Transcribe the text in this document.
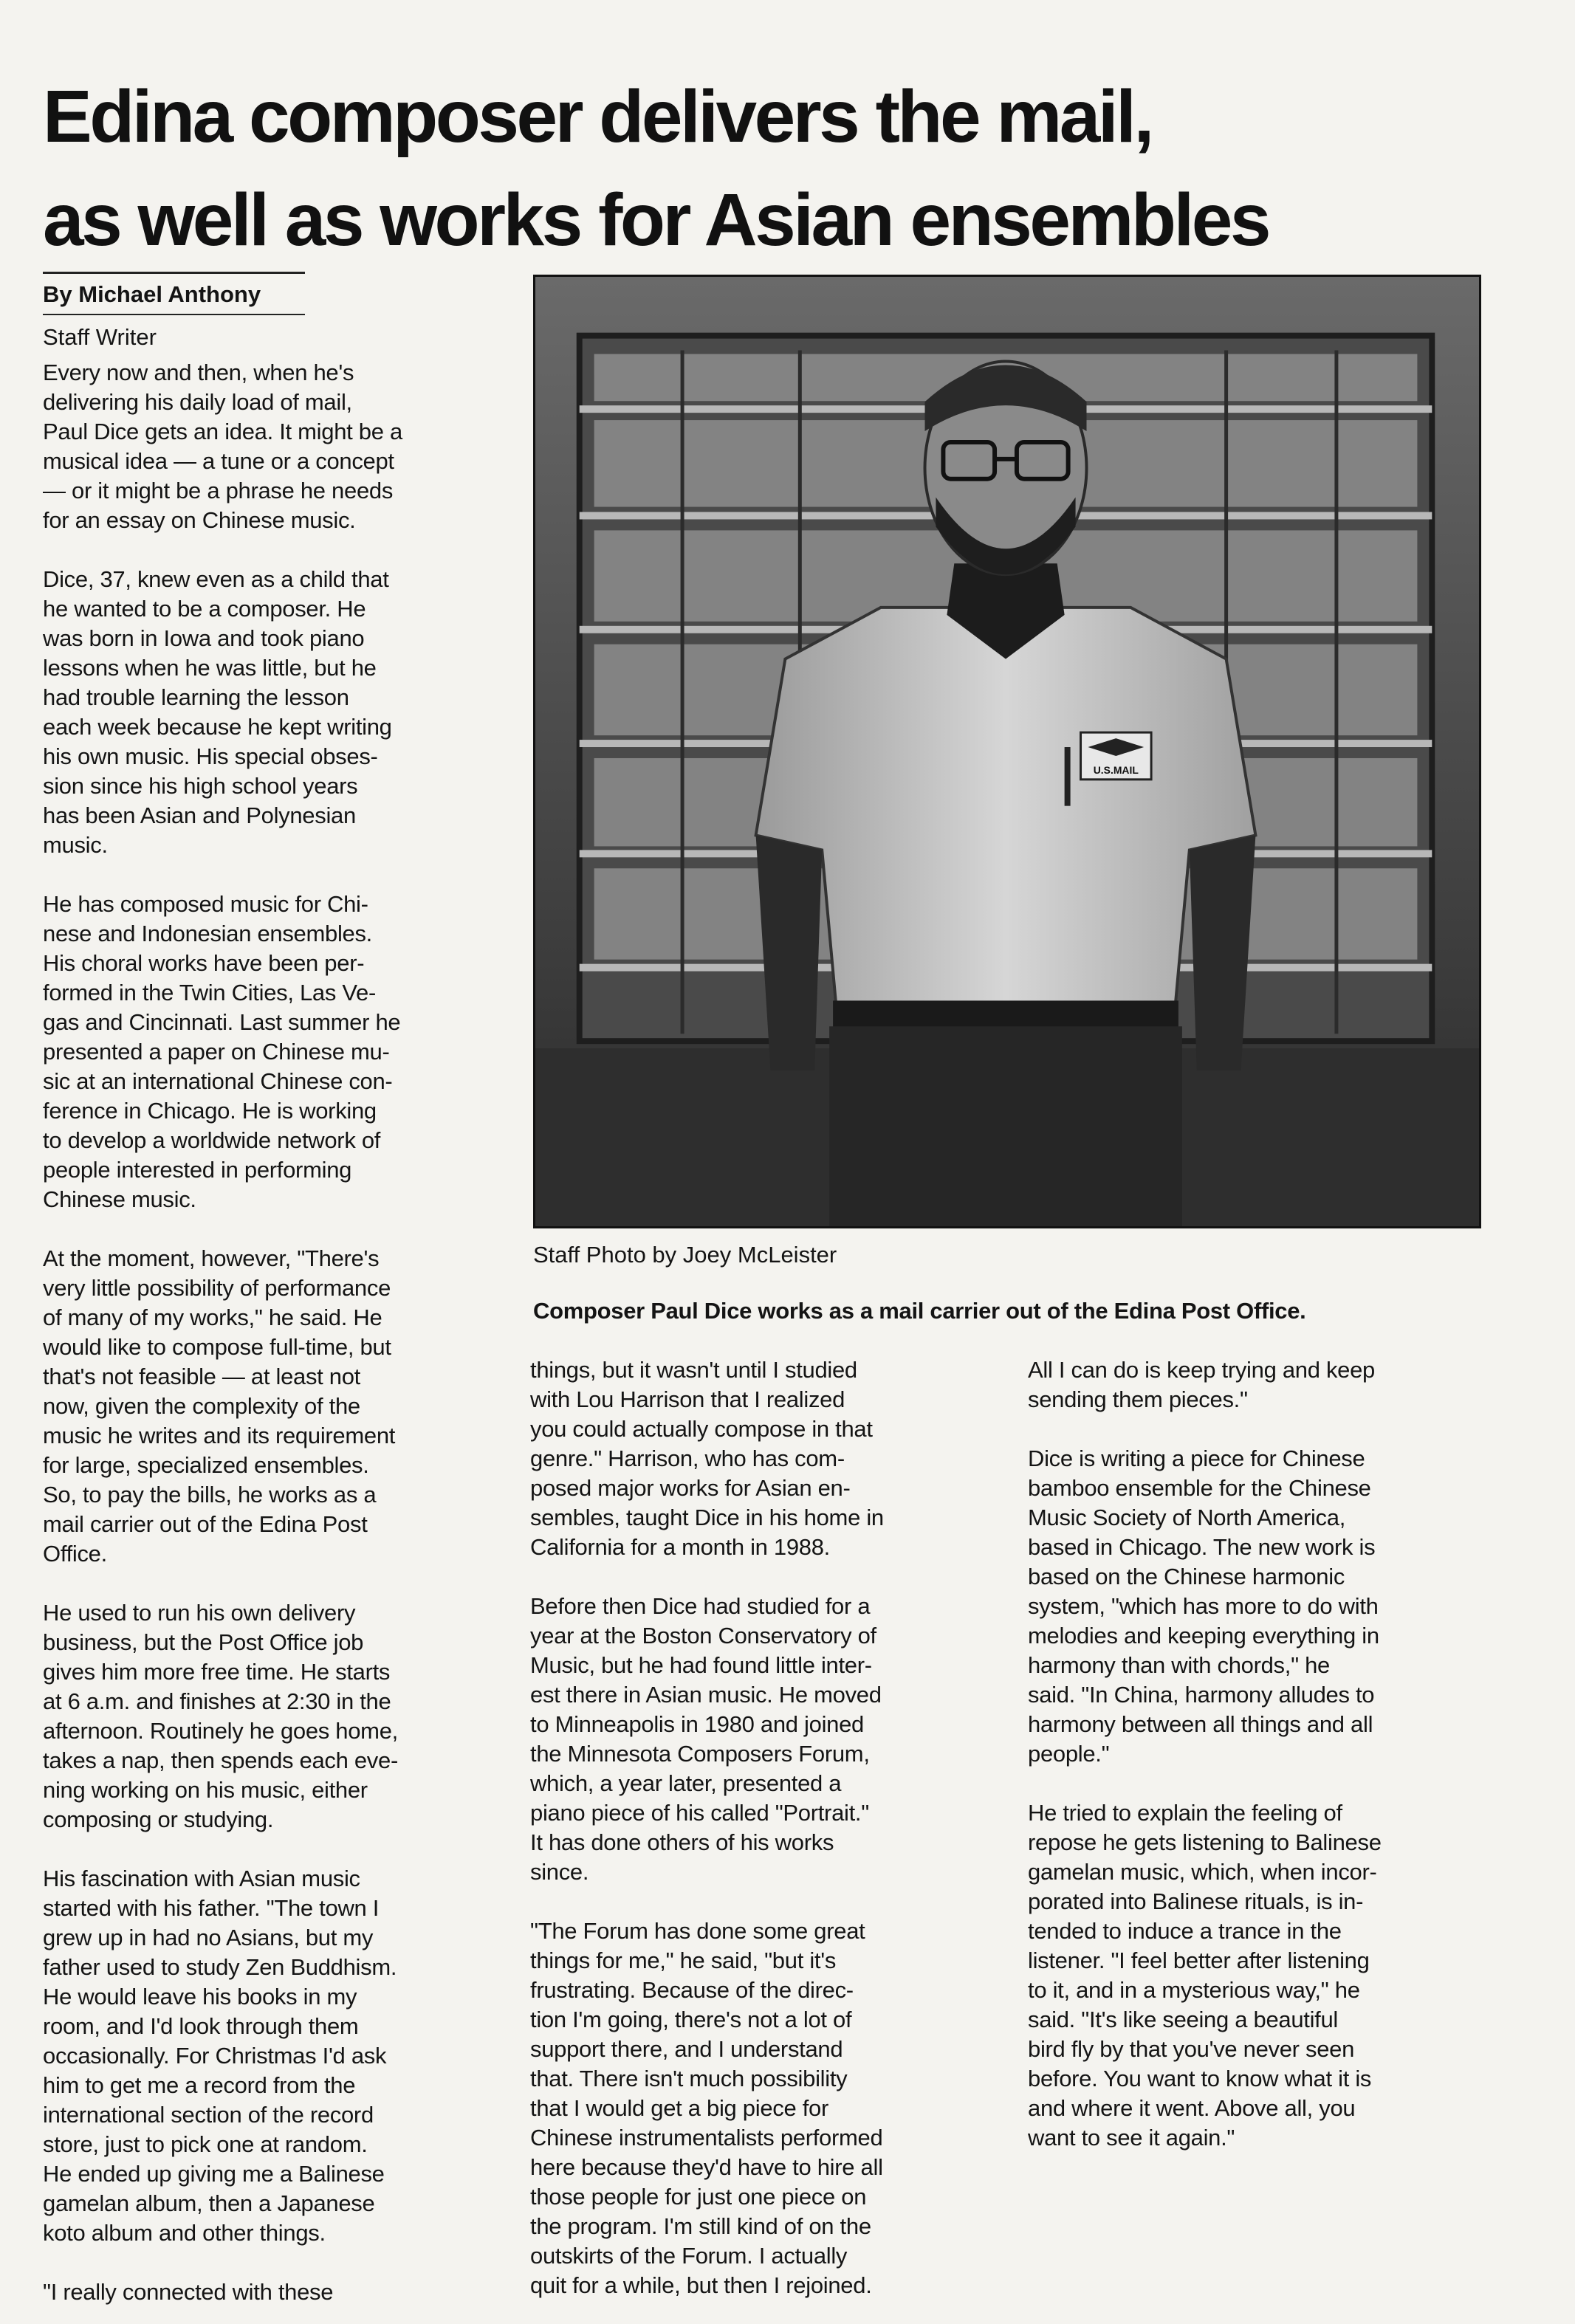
Edina composer delivers the mail,
as well as works for Asian ensembles
By Michael Anthony
Staff Writer

Every now and then, when he's
delivering his daily load of mail,
Paul Dice gets an idea. It might be a
musical idea — a tune or a concept
— or it might be a phrase he needs
for an essay on Chinese music.

Dice, 37, knew even as a child that
he wanted to be a composer. He
was born in Iowa and took piano
lessons when he was little, but he
had trouble learning the lesson
each week because he kept writing
his own music. His special obses-
sion since his high school years
has been Asian and Polynesian
music.

He has composed music for Chi-
nese and Indonesian ensembles.
His choral works have been per-
formed in the Twin Cities, Las Ve-
gas and Cincinnati. Last summer he
presented a paper on Chinese mu-
sic at an international Chinese con-
ference in Chicago. He is working
to develop a worldwide network of
people interested in performing
Chinese music.

At the moment, however, "There's
very little possibility of performance
of many of my works," he said. He
would like to compose full-time, but
that's not feasible — at least not
now, given the complexity of the
music he writes and its requirement
for large, specialized ensembles.
So, to pay the bills, he works as a
mail carrier out of the Edina Post
Office.

He used to run his own delivery
business, but the Post Office job
gives him more free time. He starts
at 6 a.m. and finishes at 2:30 in the
afternoon. Routinely he goes home,
takes a nap, then spends each eve-
ning working on his music, either
composing or studying.

His fascination with Asian music
started with his father. "The town I
grew up in had no Asians, but my
father used to study Zen Buddhism.
He would leave his books in my
room, and I'd look through them
occasionally. For Christmas I'd ask
him to get me a record from the
international section of the record
store, just to pick one at random.
He ended up giving me a Balinese
gamelan album, then a Japanese
koto album and other things.

"I really connected with these

things, but it wasn't until I studied
with Lou Harrison that I realized
you could actually compose in that
genre." Harrison, who has com-
posed major works for Asian en-
sembles, taught Dice in his home in
California for a month in 1988.

Before then Dice had studied for a
year at the Boston Conservatory of
Music, but he had found little inter-
est there in Asian music. He moved
to Minneapolis in 1980 and joined
the Minnesota Composers Forum,
which, a year later, presented a
piano piece of his called "Portrait."
It has done others of his works
since.

"The Forum has done some great
things for me," he said, "but it's
frustrating. Because of the direc-
tion I'm going, there's not a lot of
support there, and I understand
that. There isn't much possibility
that I would get a big piece for
Chinese instrumentalists performed
here because they'd have to hire all
those people for just one piece on
the program. I'm still kind of on the
outskirts of the Forum. I actually
quit for a while, but then I rejoined.

All I can do is keep trying and keep
sending them pieces."

Dice is writing a piece for Chinese
bamboo ensemble for the Chinese
Music Society of North America,
based in Chicago. The new work is
based on the Chinese harmonic
system, "which has more to do with
melodies and keeping everything in
harmony than with chords," he
said. "In China, harmony alludes to
harmony between all things and all
people."

He tried to explain the feeling of
repose he gets listening to Balinese
gamelan music, which, when incor-
porated into Balinese rituals, is in-
tended to induce a trance in the
listener. "I feel better after listening
to it, and in a mysterious way," he
said. "It's like seeing a beautiful
bird fly by that you've never seen
before. You want to know what it is
and where it went. Above all, you
want to see it again."

U.S.MAIL
Staff Photo by Joey McLeister
Composer Paul Dice works as a mail carrier out of the Edina Post Office.
